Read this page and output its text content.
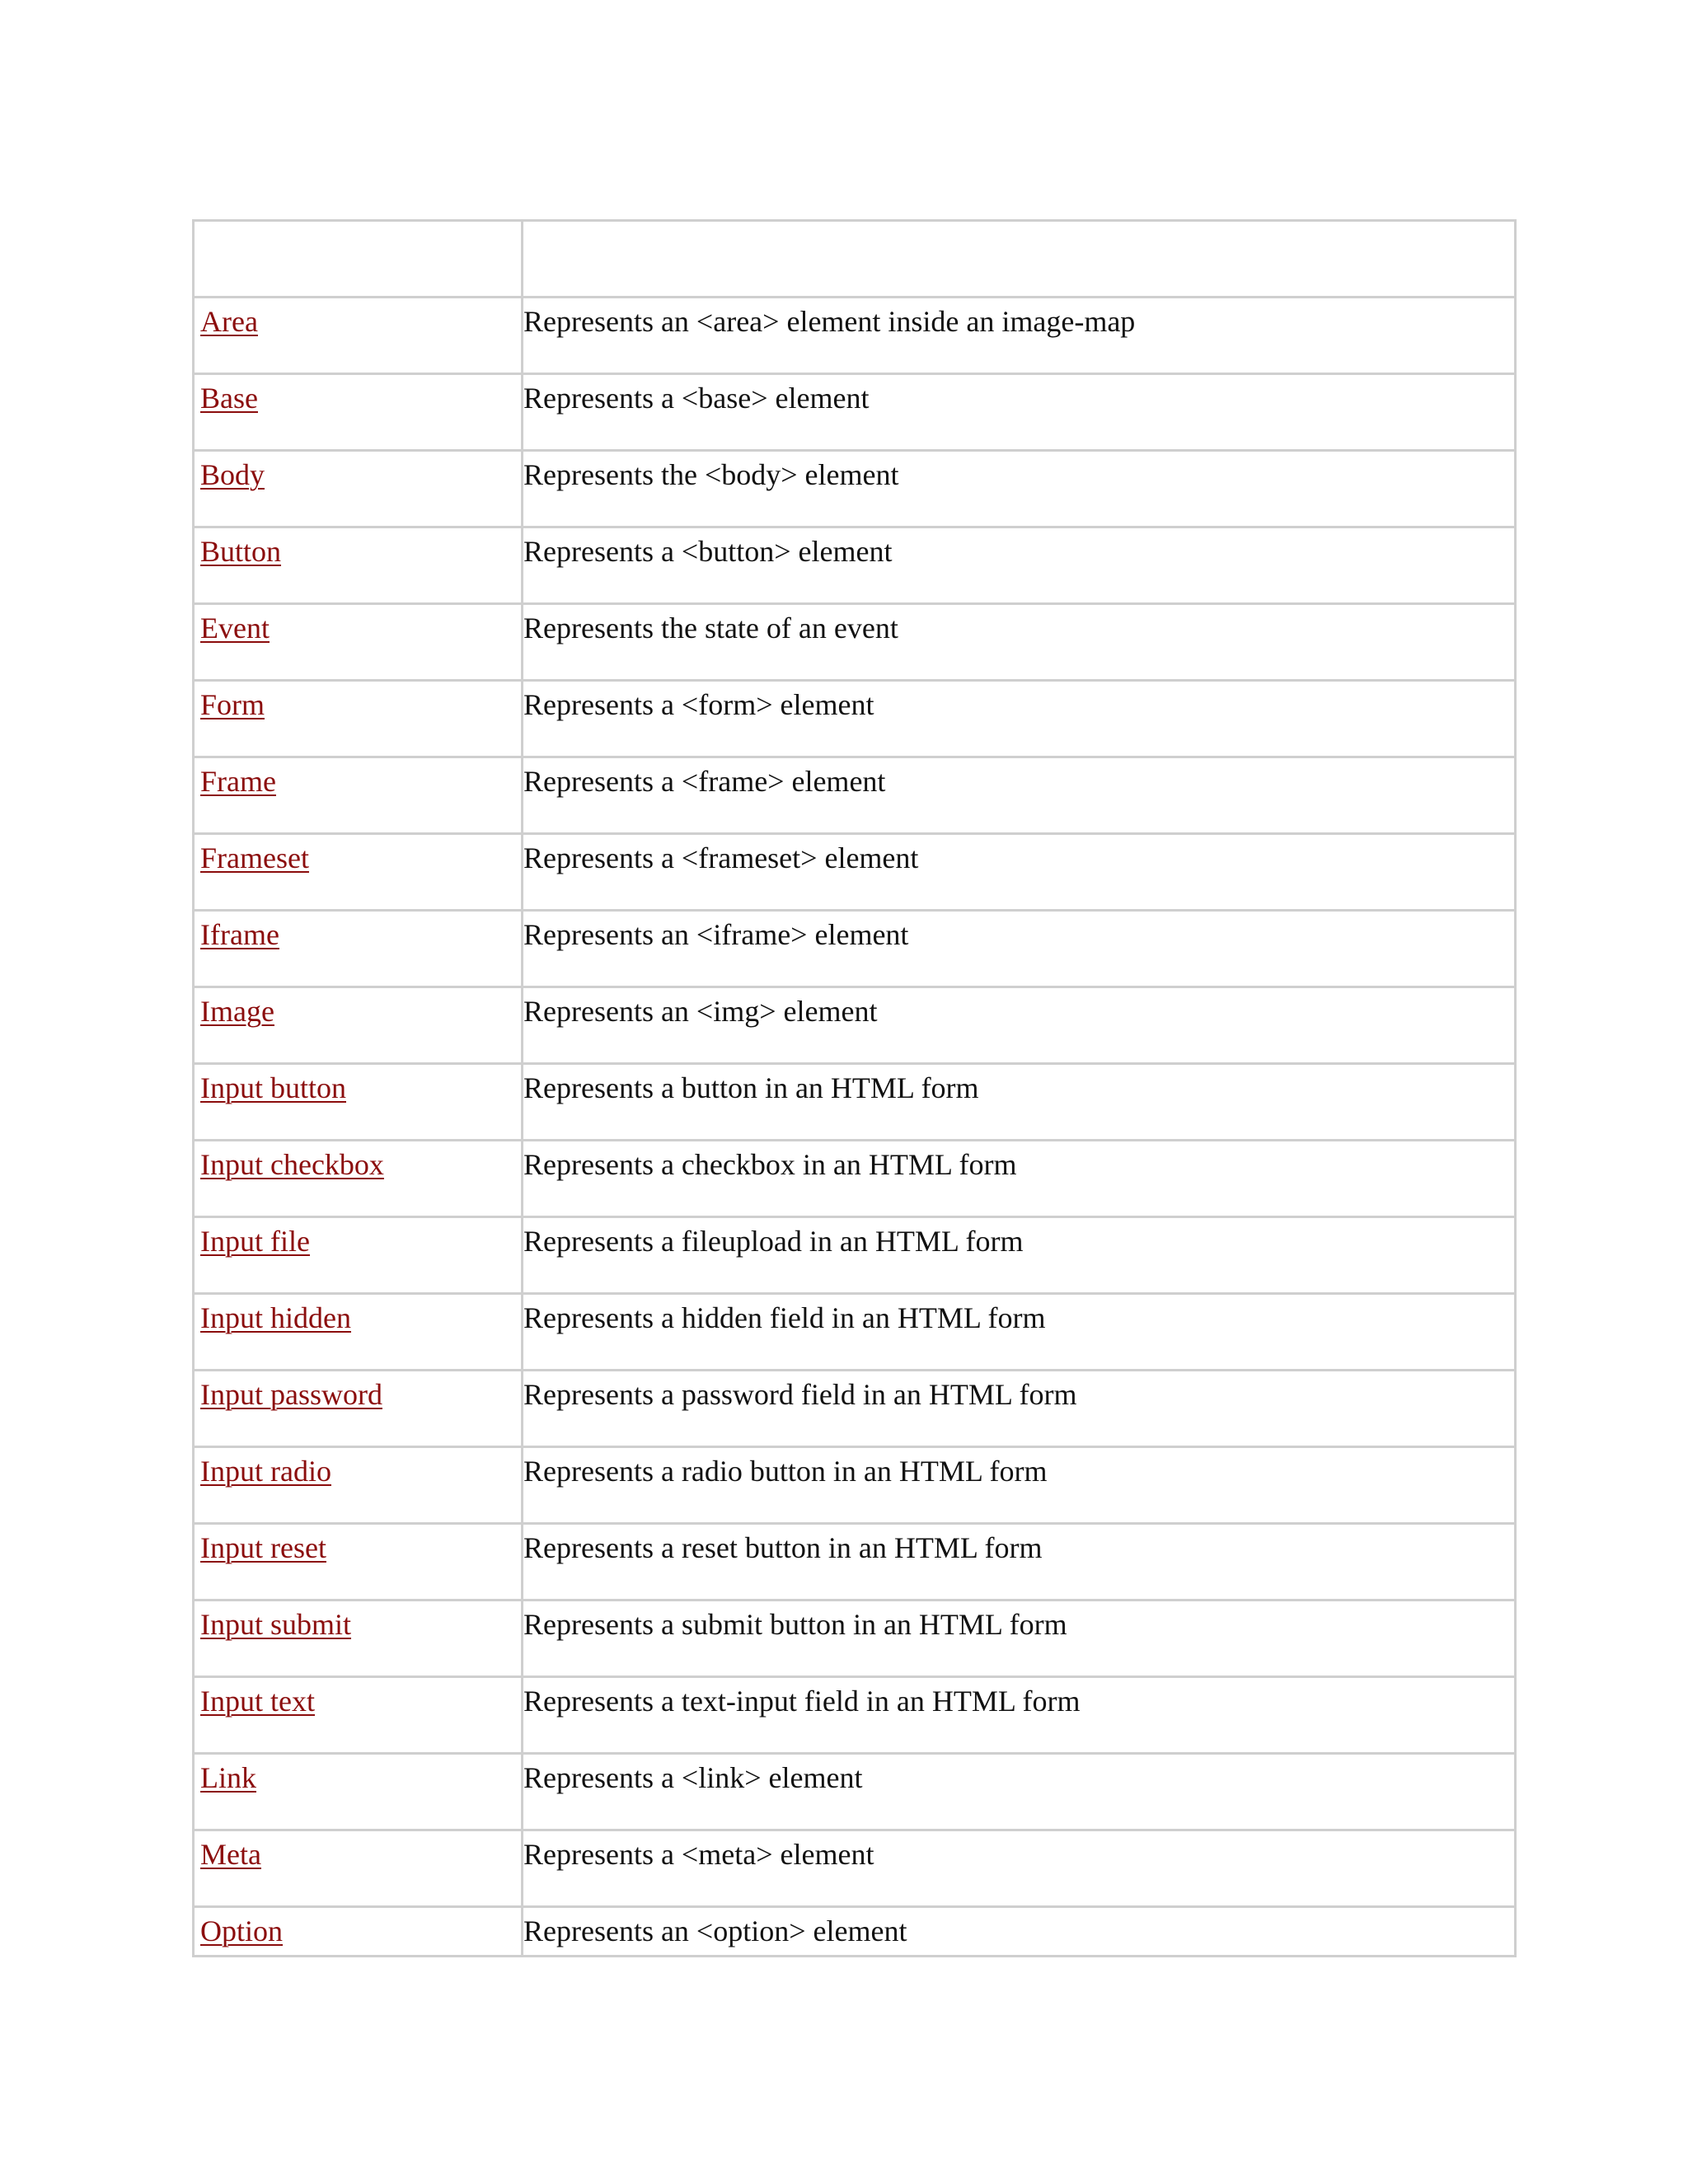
Area	Represents an <area> element inside an image-map
Base	Represents a <base> element
Body	Represents the <body> element
Button	Represents a <button> element
Event	Represents the state of an event
Form	Represents a <form> element
Frame	Represents a <frame> element
Frameset	Represents a <frameset> element
Iframe	Represents an <iframe> element
Image	Represents an <img> element
Input button	Represents a button in an HTML form
Input checkbox	Represents a checkbox in an HTML form
Input file	Represents a fileupload in an HTML form
Input hidden	Represents a hidden field in an HTML form
Input password	Represents a password field in an HTML form
Input radio	Represents a radio button in an HTML form
Input reset	Represents a reset button in an HTML form
Input submit	Represents a submit button in an HTML form
Input text	Represents a text-input field in an HTML form
Link	Represents a <link> element
Meta	Represents a <meta> element
Option	Represents an <option> element
